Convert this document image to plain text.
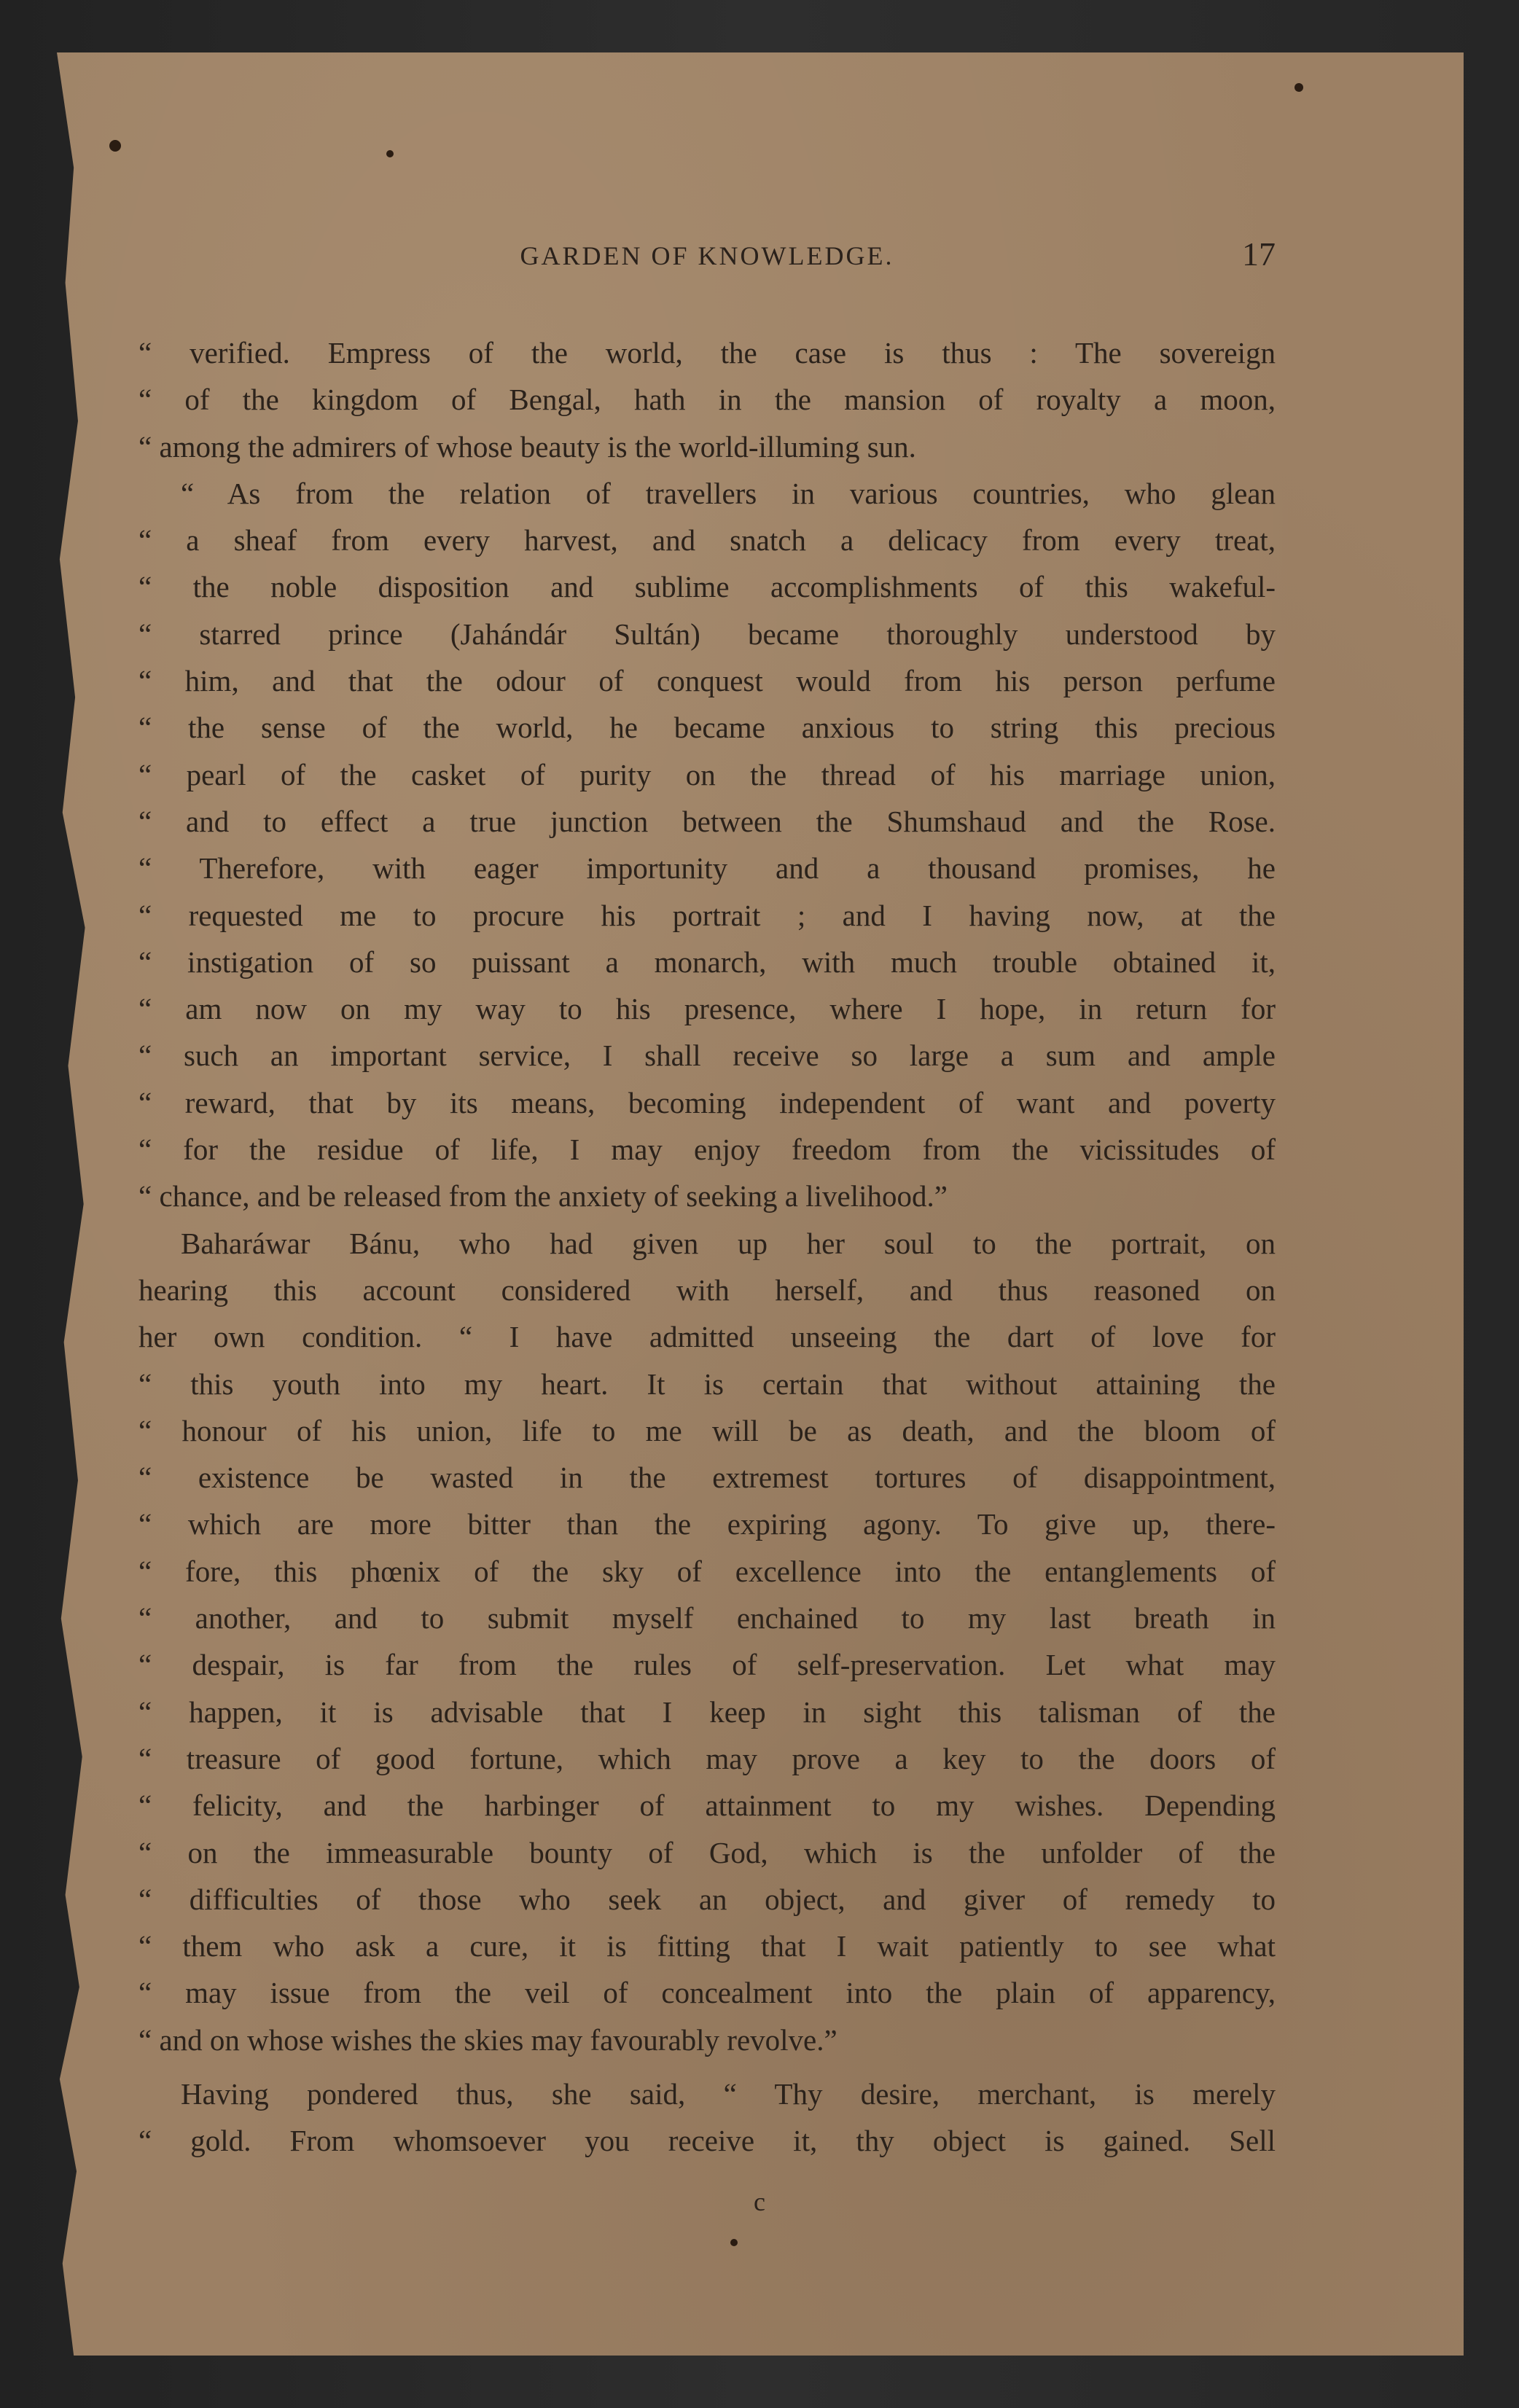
GARDEN OF KNOWLEDGE.	17
“ verified. Empress of the world, the case is thus : The sovereign
“ of the kingdom of Bengal, hath in the mansion of royalty a moon,
“ among the admirers of whose beauty is the world-illuming sun.
“ As from the relation of travellers in various countries, who glean
“ a sheaf from every harvest, and snatch a delicacy from every treat,
“ the noble disposition and sublime accomplishments of this wakeful-
“ starred prince (Jahándár Sultán) became thoroughly understood by
“ him, and that the odour of conquest would from his person perfume
“ the sense of the world, he became anxious to string this precious
“ pearl of the casket of purity on the thread of his marriage union,
“ and to effect a true junction between the Shumshaud and the Rose.
“ Therefore, with eager importunity and a thousand promises, he
“ requested me to procure his portrait ; and I having now, at the
“ instigation of so puissant a monarch, with much trouble obtained it,
“ am now on my way to his presence, where I hope, in return for
“ such an important service, I shall receive so large a sum and ample
“ reward, that by its means, becoming independent of want and poverty
“ for the residue of life, I may enjoy freedom from the vicissitudes of
“ chance, and be released from the anxiety of seeking a livelihood.”
Baharáwar Bánu, who had given up her soul to the portrait, on
hearing this account considered with herself, and thus reasoned on
her own condition. “ I have admitted unseeing the dart of love for
“ this youth into my heart. It is certain that without attaining the
“ honour of his union, life to me will be as death, and the bloom of
“ existence be wasted in the extremest tortures of disappointment,
“ which are more bitter than the expiring agony. To give up, there-
“ fore, this phœnix of the sky of excellence into the entanglements of
“ another, and to submit myself enchained to my last breath in
“ despair, is far from the rules of self-preservation. Let what may
“ happen, it is advisable that I keep in sight this talisman of the
“ treasure of good fortune, which may prove a key to the doors of
“ felicity, and the harbinger of attainment to my wishes. Depending
“ on the immeasurable bounty of God, which is the unfolder of the
“ difficulties of those who seek an object, and giver of remedy to
“ them who ask a cure, it is fitting that I wait patiently to see what
“ may issue from the veil of concealment into the plain of apparency,
“ and on whose wishes the skies may favourably revolve.”
Having pondered thus, she said, “ Thy desire, merchant, is merely
“ gold. From whomsoever you receive it, thy object is gained. Sell
c
